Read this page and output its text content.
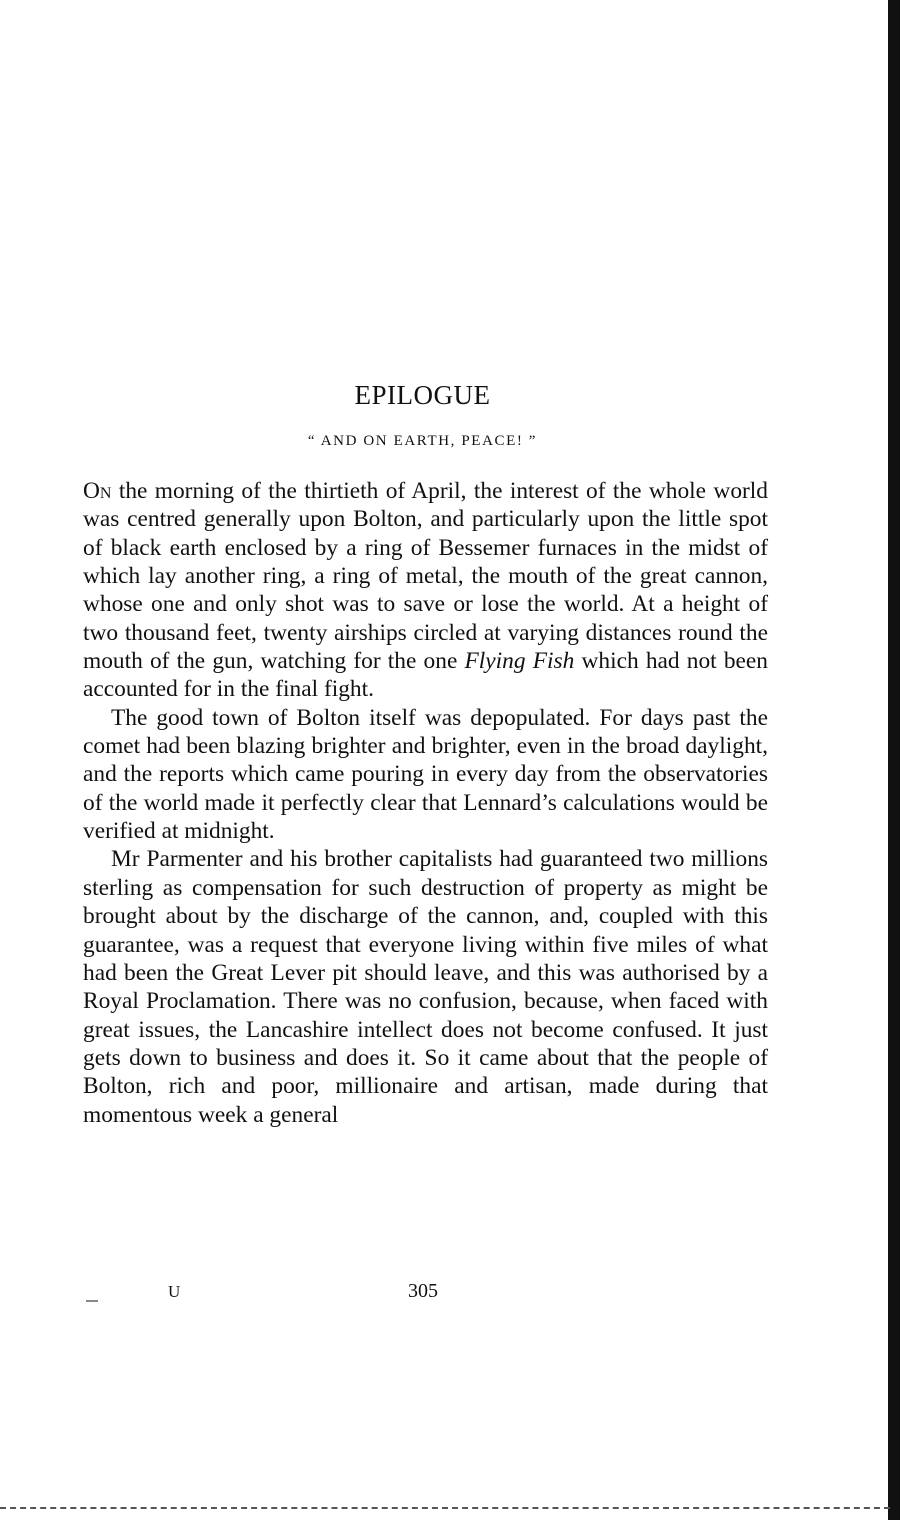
EPILOGUE
“ AND ON EARTH, PEACE! ”

On the morning of the thirtieth of April, the interest of the whole world was centred generally upon Bolton, and particularly upon the little spot of black earth enclosed by a ring of Bessemer furnaces in the midst of which lay another ring, a ring of metal, the mouth of the great cannon, whose one and only shot was to save or lose the world. At a height of two thousand feet, twenty airships circled at varying distances round the mouth of the gun, watching for the one Flying Fish which had not been accounted for in the final fight.

The good town of Bolton itself was depopulated. For days past the comet had been blazing brighter and brighter, even in the broad daylight, and the reports which came pouring in every day from the observatories of the world made it perfectly clear that Lennard’s calculations would be verified at midnight.

Mr Parmenter and his brother capitalists had guaranteed two millions sterling as compensation for such destruction of property as might be brought about by the discharge of the cannon, and, coupled with this guarantee, was a request that everyone living within five miles of what had been the Great Lever pit should leave, and this was authorised by a Royal Proclamation. There was no confusion, because, when faced with great issues, the Lancashire intellect does not become confused. It just gets down to business and does it. So it came about that the people of Bolton, rich and poor, millionaire and artisan, made during that momentous week a general

U	305
